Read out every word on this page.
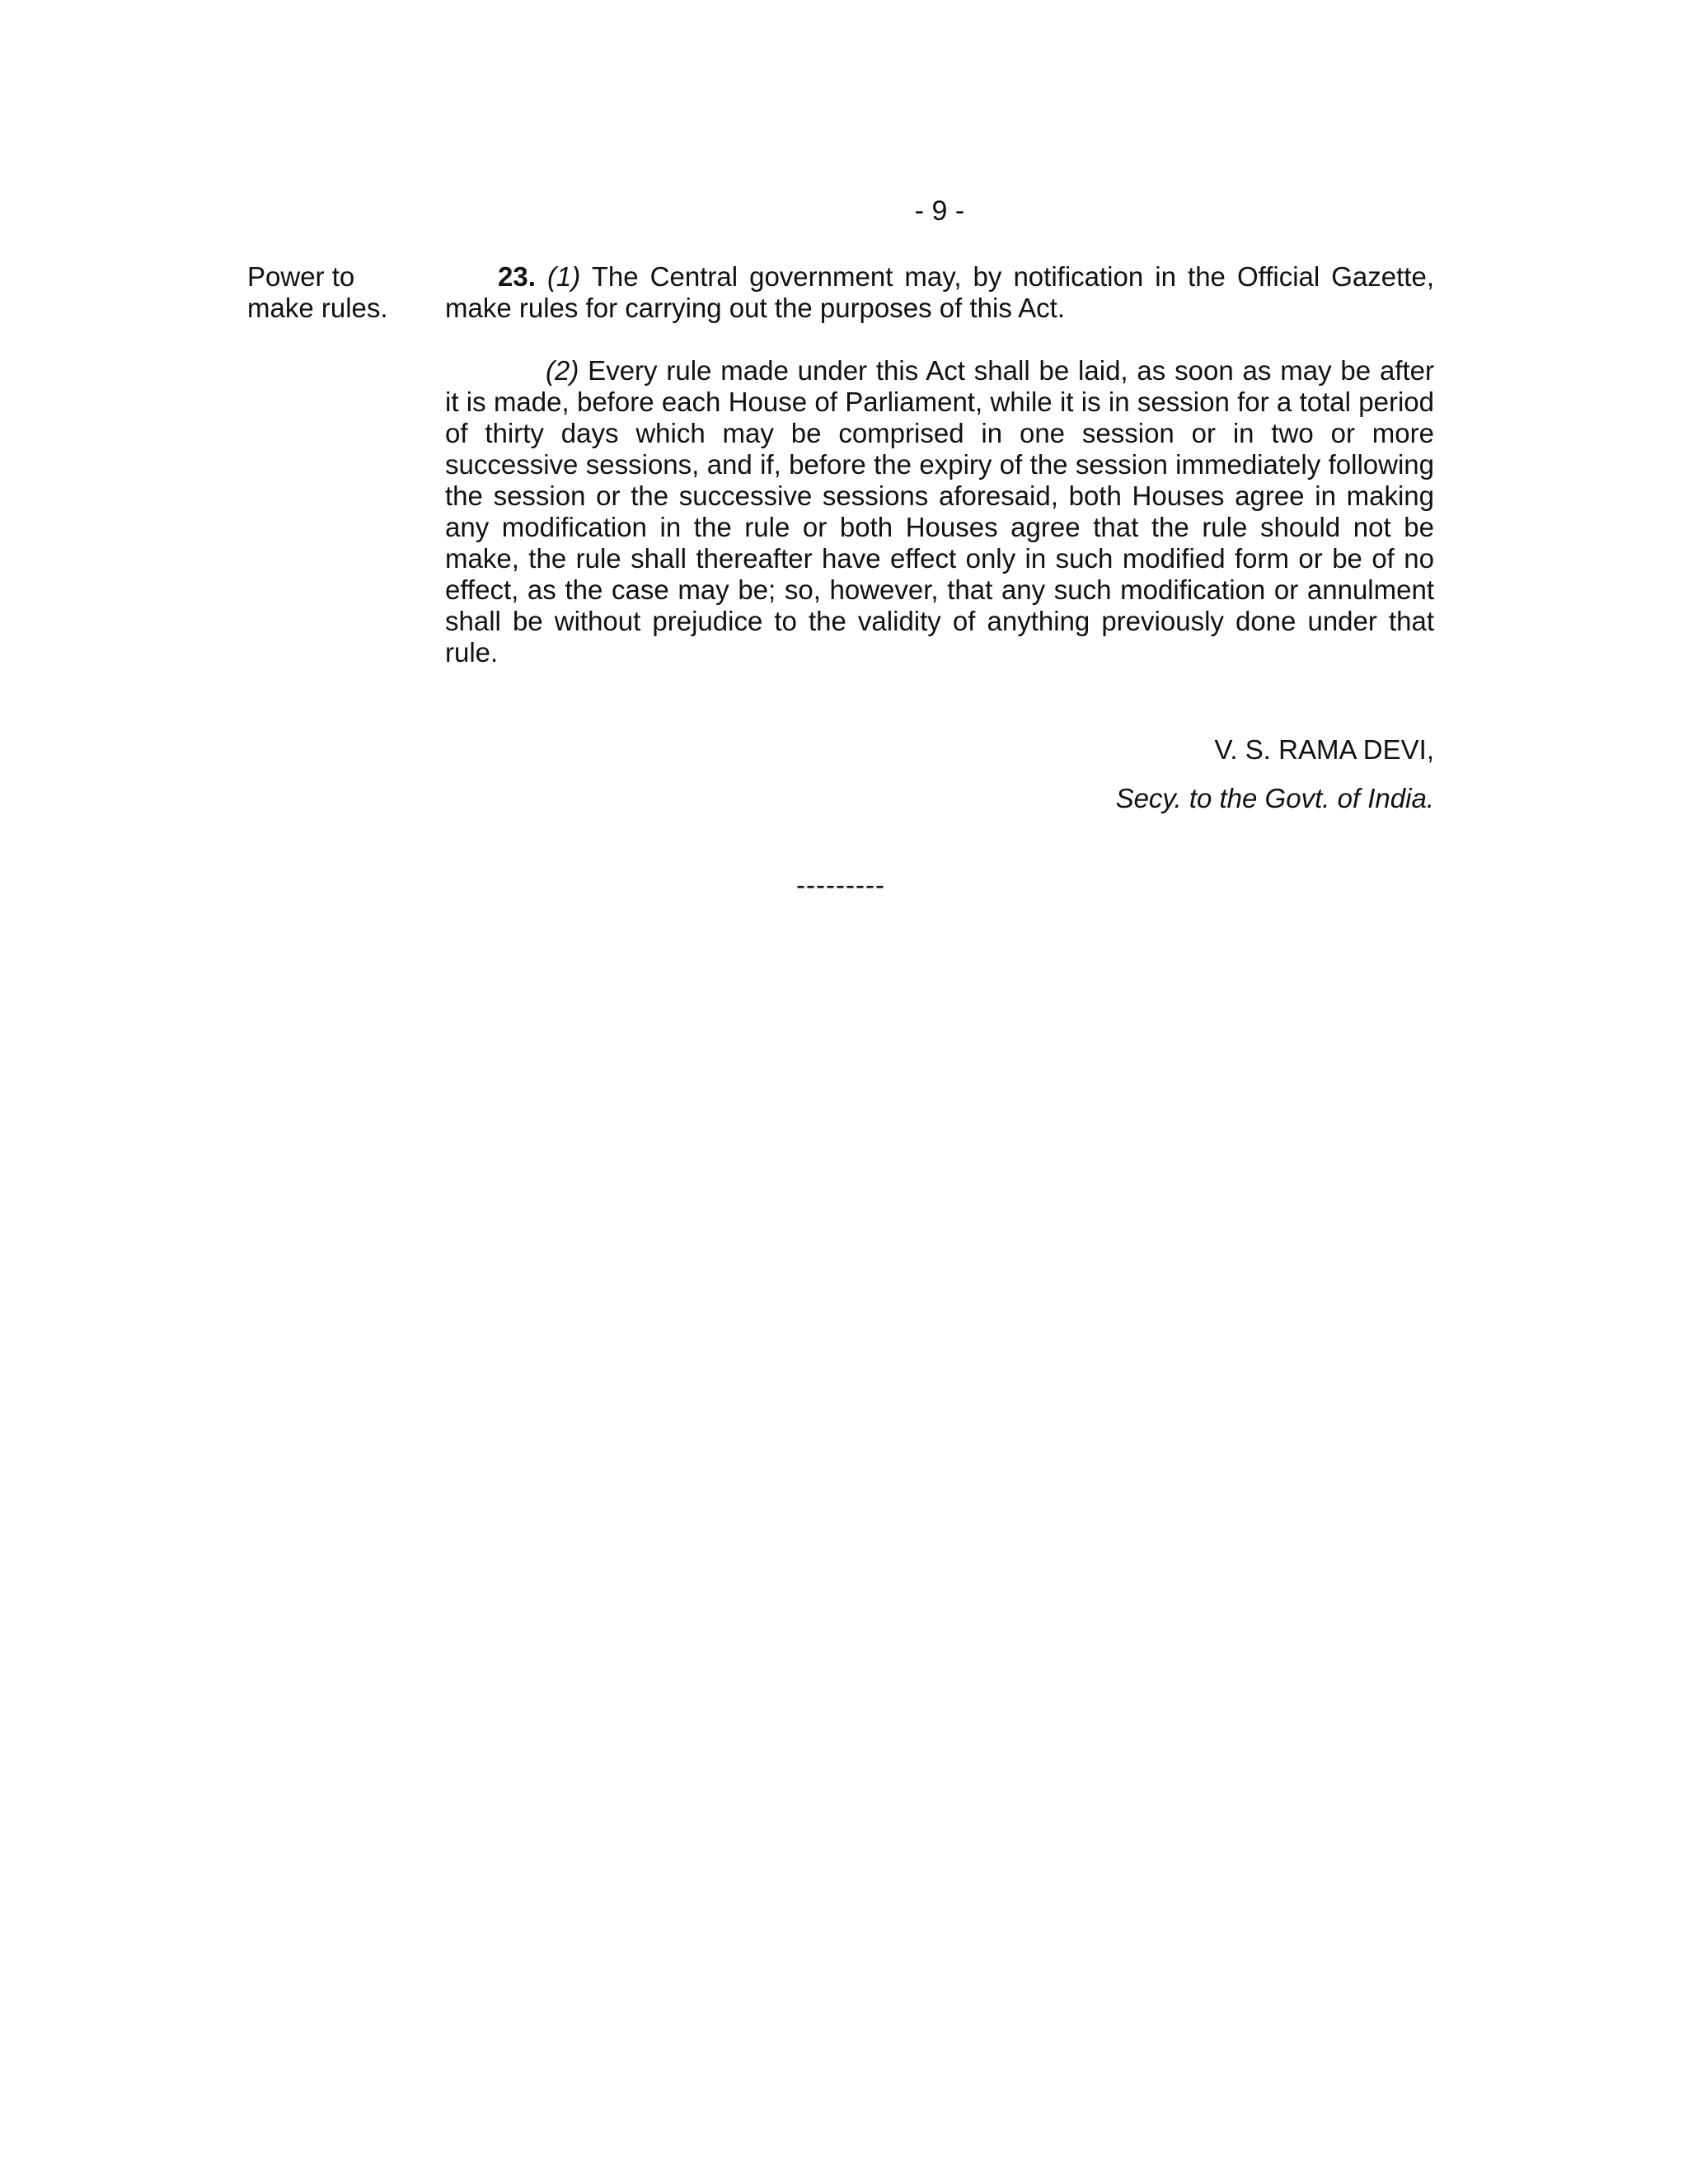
- 9 -
Power to
make rules.

23. (1) The Central government may, by notification in the Official Gazette, make rules for carrying out the purposes of this Act.

(2) Every rule made under this Act shall be laid, as soon as may be after it is made, before each House of Parliament, while it is in session for a total period of thirty days which may be comprised in one session or in two or more successive sessions, and if, before the expiry of the session immediately following the session or the successive sessions aforesaid, both Houses agree in making any modification in the rule or both Houses agree that the rule should not be make, the rule shall thereafter have effect only in such modified form or be of no effect, as the case may be; so, however, that any such modification or annulment shall be without prejudice to the validity of anything previously done under that rule.

V. S. RAMA DEVI,
Secy. to the Govt. of India.
---------
